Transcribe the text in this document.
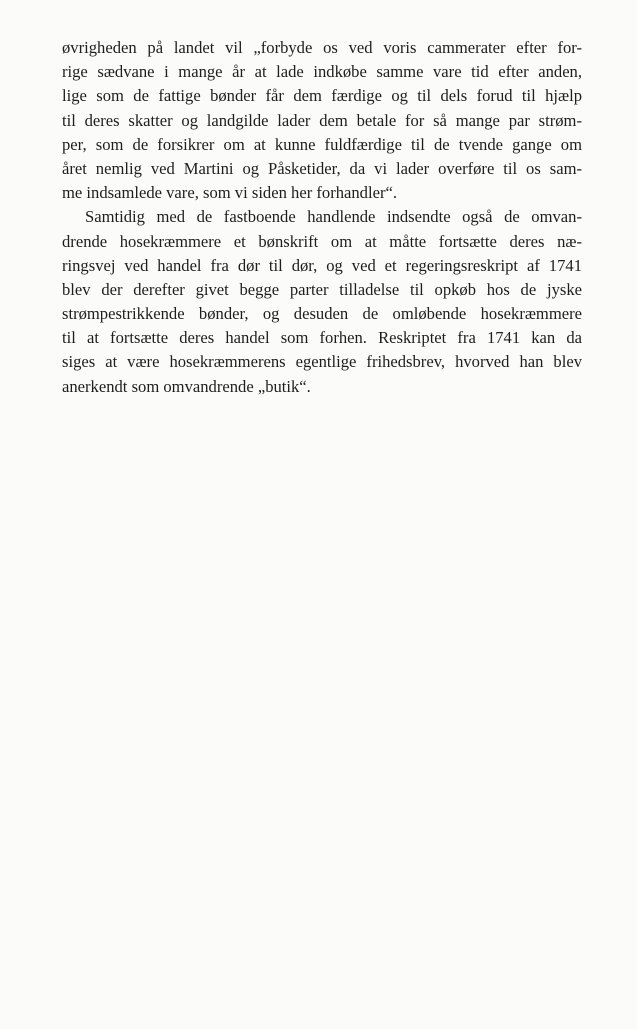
øvrigheden på landet vil „forbyde os ved voris cammerater efter for-
rige sædvane i mange år at lade indkøbe samme vare tid efter anden,
lige som de fattige bønder får dem færdige og til dels forud til hjælp
til deres skatter og landgilde lader dem betale for så mange par strøm-
per, som de forsikrer om at kunne fuldfærdige til de tvende gange om
året nemlig ved Martini og Påsketider, da vi lader overføre til os sam-
me indsamlede vare, som vi siden her forhandler“.
Samtidig med de fastboende handlende indsendte også de omvan-
drende hosekræmmere et bønskrift om at måtte fortsætte deres næ-
ringsvej ved handel fra dør til dør, og ved et regeringsreskript af 1741
blev der derefter givet begge parter tilladelse til opkøb hos de jyske
strømpestrikkende bønder, og desuden de omløbende hosekræmmere
til at fortsætte deres handel som forhen. Reskriptet fra 1741 kan da
siges at være hosekræmmerens egentlige frihedsbrev, hvorved han blev
anerkendt som omvandrende „butik“.
